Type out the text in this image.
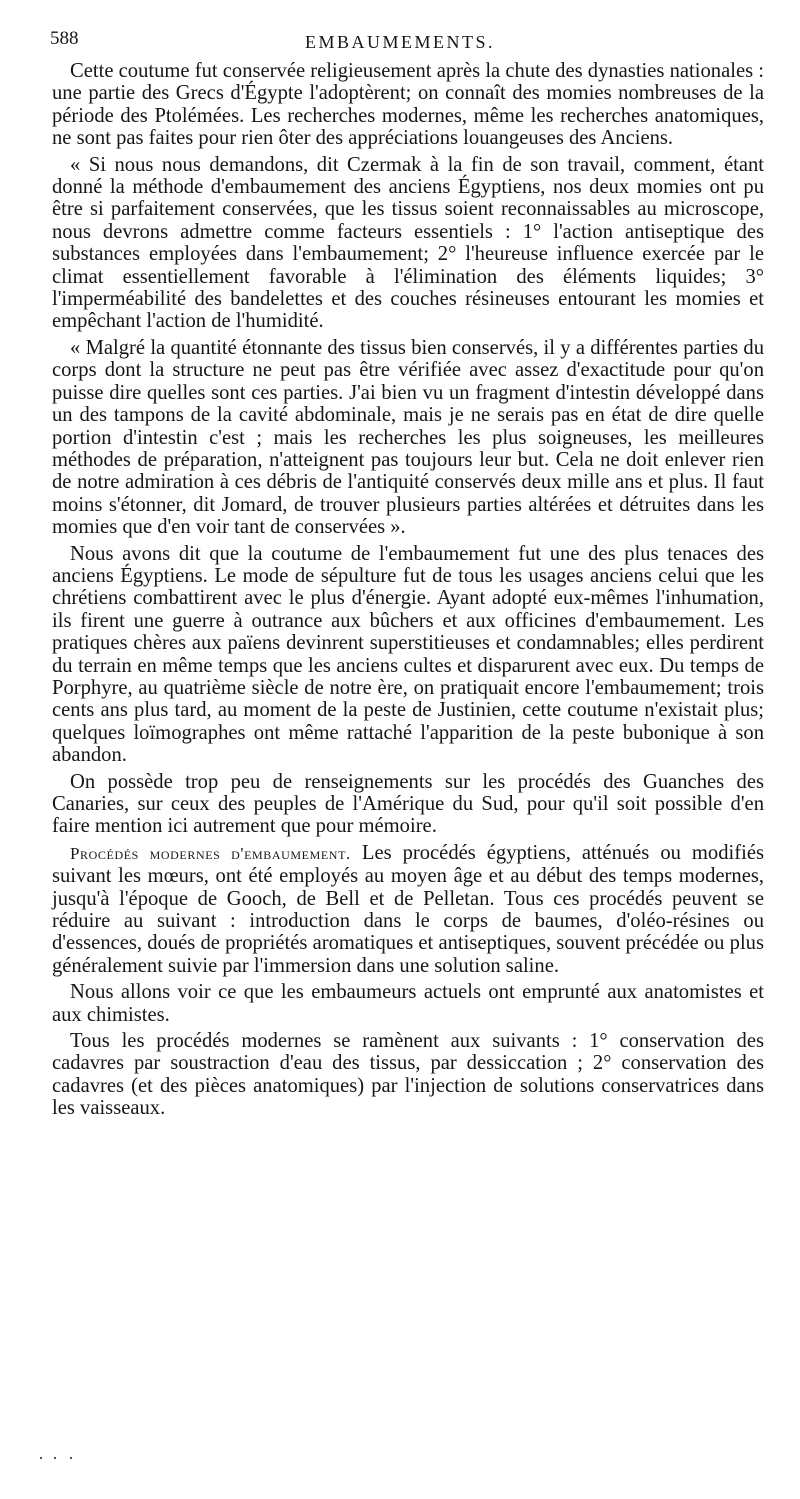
588	EMBAUMEMENTS.

Cette coutume fut conservée religieusement après la chute des dynasties nationales : une partie des Grecs d'Égypte l'adoptèrent; on connaît des momies nombreuses de la période des Ptolémées. Les recherches modernes, même les recherches anatomiques, ne sont pas faites pour rien ôter des appréciations louangeuses des Anciens.

« Si nous nous demandons, dit Czermak à la fin de son travail, comment, étant donné la méthode d'embaumement des anciens Égyptiens, nos deux momies ont pu être si parfaitement conservées, que les tissus soient reconnaissables au microscope, nous devrons admettre comme facteurs essentiels : 1° l'action antiseptique des substances employées dans l'embaumement; 2° l'heureuse influence exercée par le climat essentiellement favorable à l'élimination des éléments liquides; 3° l'imperméabilité des bandelettes et des couches résineuses entourant les momies et empêchant l'action de l'humidité.

« Malgré la quantité étonnante des tissus bien conservés, il y a différentes parties du corps dont la structure ne peut pas être vérifiée avec assez d'exactitude pour qu'on puisse dire quelles sont ces parties. J'ai bien vu un fragment d'intestin développé dans un des tampons de la cavité abdominale, mais je ne serais pas en état de dire quelle portion d'intestin c'est ; mais les recherches les plus soigneuses, les meilleures méthodes de préparation, n'atteignent pas toujours leur but. Cela ne doit enlever rien de notre admiration à ces débris de l'antiquité conservés deux mille ans et plus. Il faut moins s'étonner, dit Jomard, de trouver plusieurs parties altérées et détruites dans les momies que d'en voir tant de conservées ».

Nous avons dit que la coutume de l'embaumement fut une des plus tenaces des anciens Égyptiens. Le mode de sépulture fut de tous les usages anciens celui que les chrétiens combattirent avec le plus d'énergie. Ayant adopté eux-mêmes l'inhumation, ils firent une guerre à outrance aux bûchers et aux officines d'embaumement. Les pratiques chères aux païens devinrent superstitieuses et condamnables; elles perdirent du terrain en même temps que les anciens cultes et disparurent avec eux. Du temps de Porphyre, au quatrième siècle de notre ère, on pratiquait encore l'embaumement; trois cents ans plus tard, au moment de la peste de Justinien, cette coutume n'existait plus; quelques loïmographes ont même rattaché l'apparition de la peste bubonique à son abandon.

On possède trop peu de renseignements sur les procédés des Guanches des Canaries, sur ceux des peuples de l'Amérique du Sud, pour qu'il soit possible d'en faire mention ici autrement que pour mémoire.

Procédés modernes d'embaumement. Les procédés égyptiens, atténués ou modifiés suivant les mœurs, ont été employés au moyen âge et au début des temps modernes, jusqu'à l'époque de Gooch, de Bell et de Pelletan. Tous ces procédés peuvent se réduire au suivant : introduction dans le corps de baumes, d'oléo-résines ou d'essences, doués de propriétés aromatiques et antiseptiques, souvent précédée ou plus généralement suivie par l'immersion dans une solution saline.

Nous allons voir ce que les embaumeurs actuels ont emprunté aux anatomistes et aux chimistes.

Tous les procédés modernes se ramènent aux suivants : 1° conservation des cadavres par soustraction d'eau des tissus, par dessiccation ; 2° conservation des cadavres (et des pièces anatomiques) par l'injection de solutions conservatrices dans les vaisseaux.
